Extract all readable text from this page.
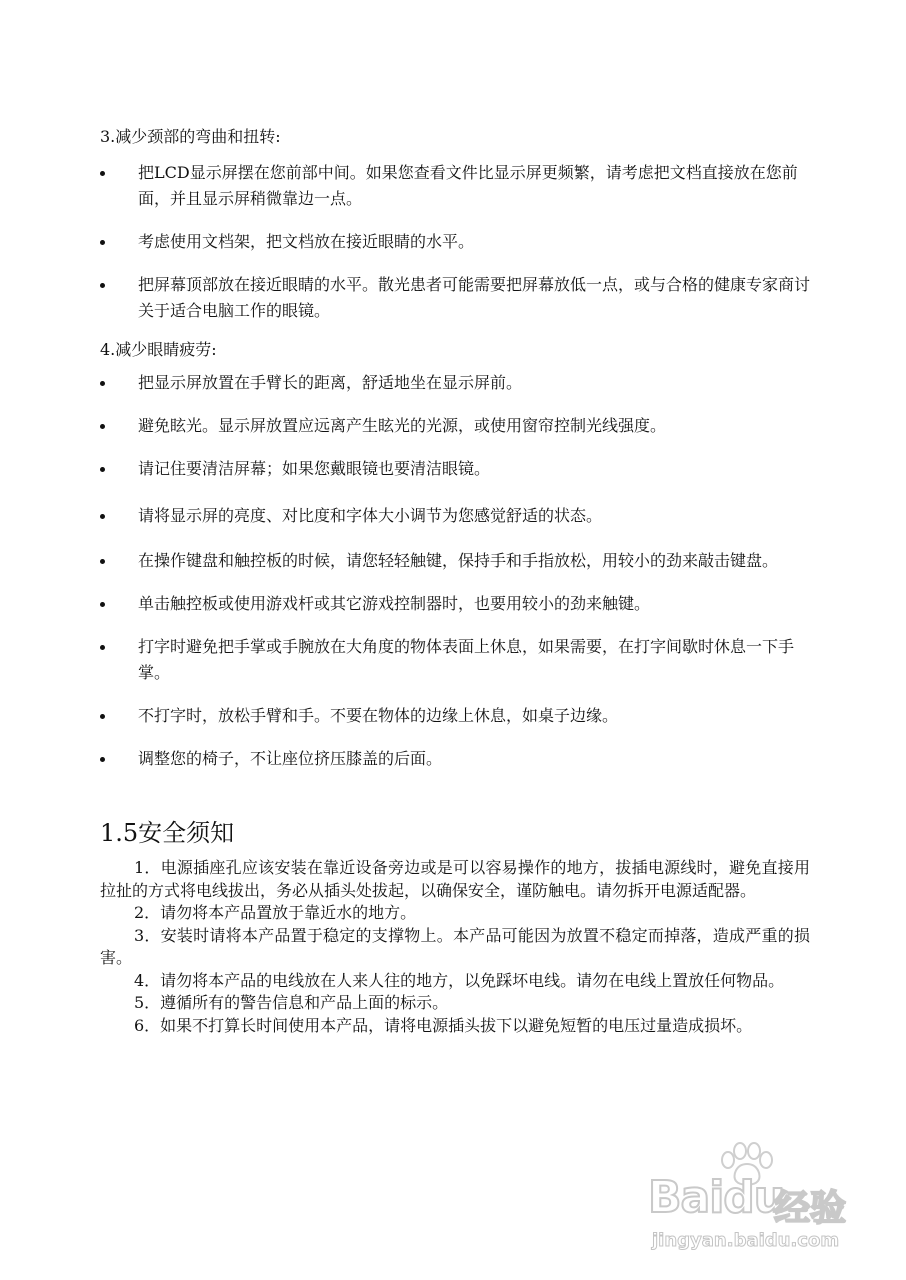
3.减少颈部的弯曲和扭转:
把LCD显示屏摆在您前部中间。如果您查看文件比显示屏更频繁，请考虑把文档直接放在您前面，并且显示屏稍微靠边一点。
考虑使用文档架，把文档放在接近眼睛的水平。
把屏幕顶部放在接近眼睛的水平。散光患者可能需要把屏幕放低一点，或与合格的健康专家商讨关于适合电脑工作的眼镜。
4.减少眼睛疲劳:
把显示屏放置在手臂长的距离，舒适地坐在显示屏前。
避免眩光。显示屏放置应远离产生眩光的光源，或使用窗帘控制光线强度。
请记住要清洁屏幕；如果您戴眼镜也要清洁眼镜。
请将显示屏的亮度、对比度和字体大小调节为您感觉舒适的状态。
在操作键盘和触控板的时候，请您轻轻触键，保持手和手指放松，用较小的劲来敲击键盘。
单击触控板或使用游戏杆或其它游戏控制器时，也要用较小的劲来触键。
打字时避免把手掌或手腕放在大角度的物体表面上休息，如果需要，在打字间歇时休息一下手掌。
不打字时，放松手臂和手。不要在物体的边缘上休息，如桌子边缘。
调整您的椅子，不让座位挤压膝盖的后面。
1.5安全须知

1．电源插座孔应该安装在靠近设备旁边或是可以容易操作的地方，拔插电源线时，避免直接用拉扯的方式将电线拔出，务必从插头处拔起，以确保安全，谨防触电。请勿拆开电源适配器。

2．请勿将本产品置放于靠近水的地方。

3．安装时请将本产品置于稳定的支撑物上。本产品可能因为放置不稳定而掉落，造成严重的损害。

4．请勿将本产品的电线放在人来人往的地方，以免踩坏电线。请勿在电线上置放任何物品。

5．遵循所有的警告信息和产品上面的标示。

6．如果不打算长时间使用本产品，请将电源插头拔下以避免短暂的电压过量造成损坏。

Baidu
经验
jingyan.baidu.com
